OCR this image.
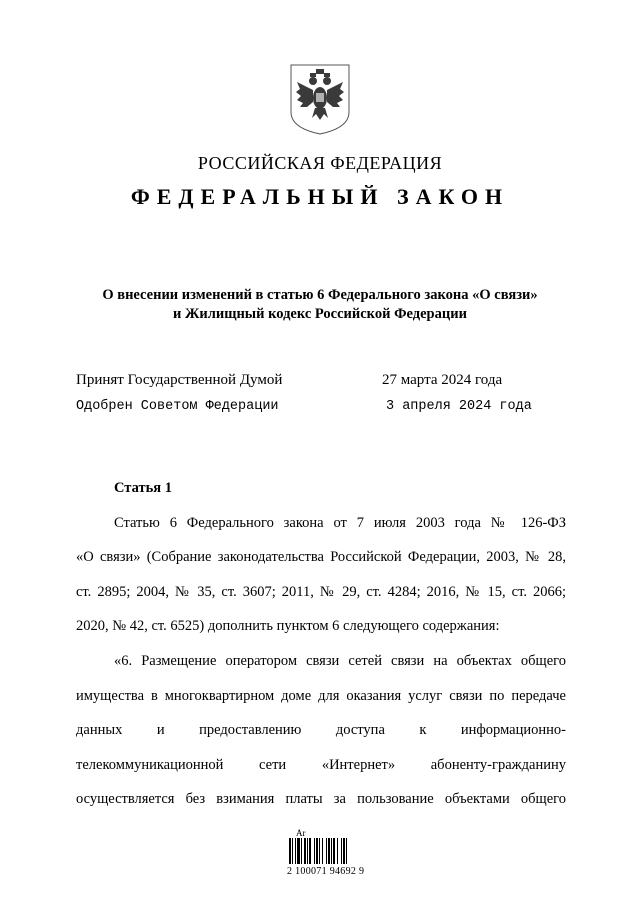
РОССИЙСКАЯ ФЕДЕРАЦИЯ
ФЕДЕРАЛЬНЫЙ ЗАКОН
О внесении изменений в статью 6 Федерального закона «О связи»
и Жилищный кодекс Российской Федерации
Принят Государственной Думой	27 марта 2024 года
Одобрен Советом Федерации	3 апреля 2024 года
Статья 1
Статью 6 Федерального закона от 7 июля 2003 года № 126-ФЗ
«О связи» (Собрание законодательства Российской Федерации, 2003, № 28,
ст. 2895; 2004, № 35, ст. 3607; 2011, № 29, ст. 4284; 2016, № 15, ст. 2066;
2020, № 42, ст. 6525) дополнить пунктом 6 следующего содержания:
«6. Размещение оператором связи сетей связи на объектах общего
имущества в многоквартирном доме для оказания услуг связи по передаче
данных и предоставлению доступа к информационно-
телекоммуникационной сети «Интернет» абоненту-гражданину
осуществляется без взимания платы за пользование объектами общего
Ar
2 100071 94692 9
